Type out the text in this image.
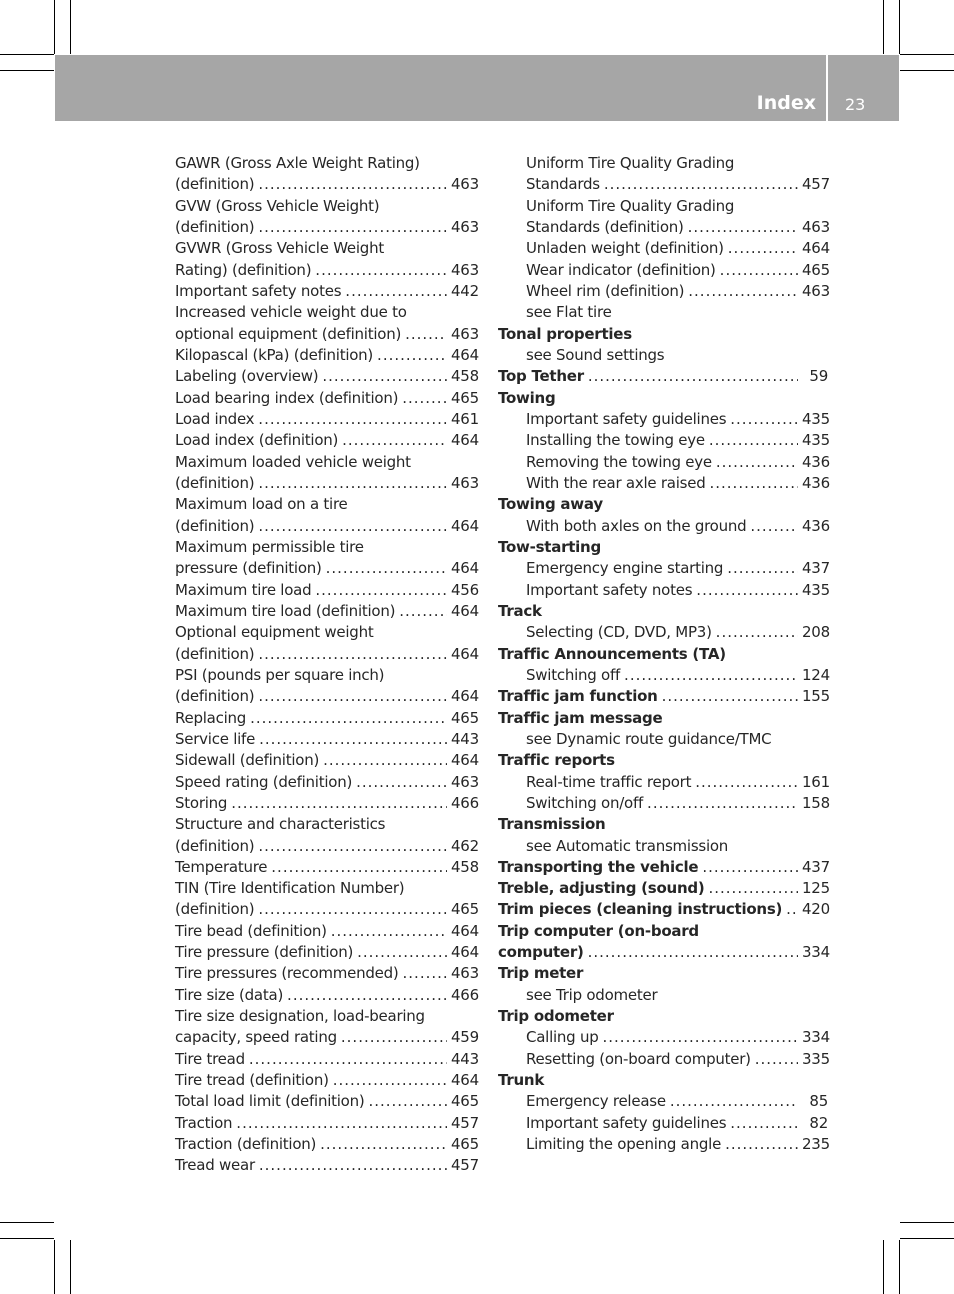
Index 23
GAWR (Gross Axle Weight Rating)
(definition) .....	463
GVW (Gross Vehicle Weight)
(definition) .....	463
GVWR (Gross Vehicle Weight
Rating) (definition) .....	463
Important safety notes .....	442
Increased vehicle weight due to
optional equipment (definition) .....	463
Kilopascal (kPa) (definition) .....	464
Labeling (overview) .....	458
Load bearing index (definition) .....	465
Load index .....	461
Load index (definition) .....	464
Maximum loaded vehicle weight
(definition) .....	463
Maximum load on a tire
(definition) .....	464
Maximum permissible tire
pressure (definition) .....	464
Maximum tire load .....	456
Maximum tire load (definition) .....	464
Optional equipment weight
(definition) .....	464
PSI (pounds per square inch)
(definition) .....	464
Replacing .....	465
Service life .....	443
Sidewall (definition) .....	464
Speed rating (definition) .....	463
Storing .....	466
Structure and characteristics
(definition) .....	462
Temperature .....	458
TIN (Tire Identification Number)
(definition) .....	465
Tire bead (definition) .....	464
Tire pressure (definition) .....	464
Tire pressures (recommended) .....	463
Tire size (data) .....	466
Tire size designation, load-bearing
capacity, speed rating .....	459
Tire tread .....	443
Tire tread (definition) .....	464
Total load limit (definition) .....	465
Traction .....	457
Traction (definition) .....	465
Tread wear .....	457
Uniform Tire Quality Grading
Standards .....	457
Uniform Tire Quality Grading
Standards (definition) .....	463
Unladen weight (definition) .....	464
Wear indicator (definition) .....	465
Wheel rim (definition) .....	463
see Flat tire
Tonal properties
see Sound settings
Top Tether .....	59
Towing
Important safety guidelines .....	435
Installing the towing eye .....	435
Removing the towing eye .....	436
With the rear axle raised .....	436
Towing away
With both axles on the ground .....	436
Tow-starting
Emergency engine starting .....	437
Important safety notes .....	435
Track
Selecting (CD, DVD, MP3) .....	208
Traffic Announcements (TA)
Switching off .....	124
Traffic jam function .....	155
Traffic jam message
see Dynamic route guidance/TMC
Traffic reports
Real-time traffic report .....	161
Switching on/off .....	158
Transmission
see Automatic transmission
Transporting the vehicle .....	437
Treble, adjusting (sound) .....	125
Trim pieces (cleaning instructions) ..... 420
Trip computer (on-board
computer) .....	334
Trip meter
see Trip odometer
Trip odometer
Calling up .....	334
Resetting (on-board computer) .....	335
Trunk
Emergency release .....	85
Important safety guidelines .....	82
Limiting the opening angle .....	235
